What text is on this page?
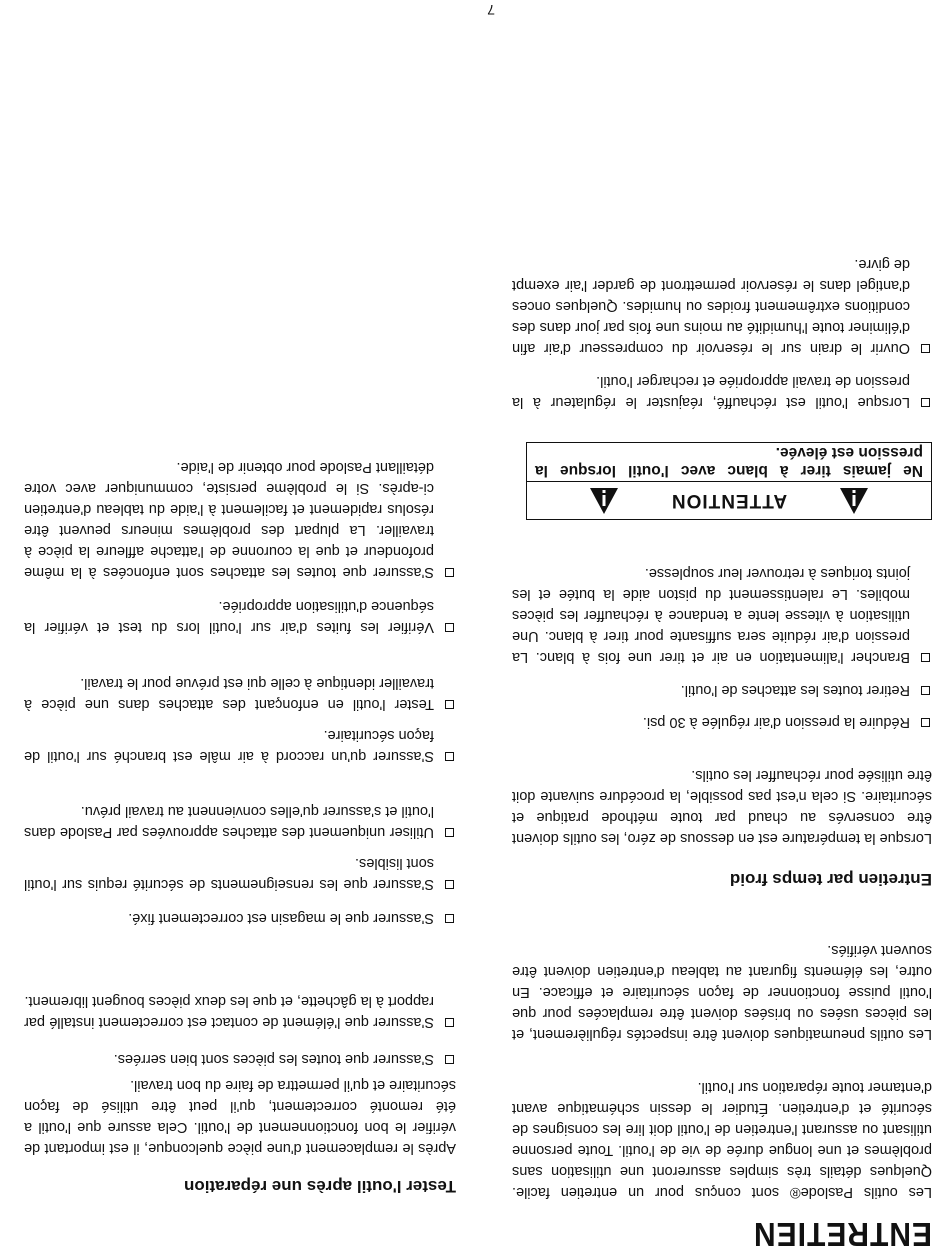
ENTRETIEN

Les outils Paslode® sont conçus pour un entretien facile. Quelques détails très simples assureront une utilisation sans problèmes et une longue durée de vie de l'outil. Toute personne utilisant ou assurant l'entretien de l'outil doit lire les consignes de sécurité et d'entretien. Étudier le dessin schématique avant d'entamer toute réparation sur l'outil.

Les outils pneumatiques doivent être inspectés régulièrement, et les pièces usées ou brisées doivent être remplacées pour que l'outil puisse fonctionner de façon sécuritaire et efficace. En outre, les éléments figurant au tableau d'entretien doivent être souvent vérifiés.

Entretien par temps froid

Lorsque la température est en dessous de zéro, les outils doivent être conservés au chaud par toute méthode pratique et sécuritaire. Si cela n'est pas possible, la procédure suivante doit être utilisée pour réchauffer les outils.

Réduire la pression d'air régulée à 30 psi.
Retirer toutes les attaches de l'outil.
Brancher l'alimentation en air et tirer une fois à blanc. La pression d'air réduite sera suffisante pour tirer à blanc. Une utilisation à vitesse lente a tendance à réchauffer les pièces mobiles. Le ralentissement du piston aide la butée et les joints toriques à retrouver leur souplesse.
ATTENTION
Ne jamais tirer à blanc avec l'outil lorsque la pression est élevée.
Lorsque l'outil est réchauffé, réajuster le régulateur à la pression de travail appropriée et recharger l'outil.
Ouvrir le drain sur le réservoir du compresseur d'air afin d'éliminer toute l'humidité au moins une fois par jour dans des conditions extrêmement froides ou humides. Quelques onces d'antigel dans le réservoir permettront de garder l'air exempt de givre.
Tester l'outil après une réparation

Après le remplacement d'une pièce quelconque, il est important de vérifier le bon fonctionnement de l'outil. Cela assure que l'outil a été remonté correctement, qu'il peut être utilisé de façon sécuritaire et qu'il permettra de faire du bon travail.

S'assurer que toutes les pièces sont bien serrées.
S'assurer que l'élément de contact est correctement installé par rapport à la gâchette, et que les deux pièces bougent librement.
S'assurer que le magasin est correctement fixé.
S'assurer que les renseignements de sécurité requis sur l'outil sont lisibles.
Utiliser uniquement des attaches approuvées par Paslode dans l'outil et s'assurer qu'elles conviennent au travail prévu.
S'assurer qu'un raccord à air mâle est branché sur l'outil de façon sécuritaire.
Tester l'outil en enfonçant des attaches dans une pièce à travailler identique à celle qui est prévue pour le travail.
Vérifier les fuites d'air sur l'outil lors du test et vérifier la séquence d'utilisation appropriée.
S'assurer que toutes les attaches sont enfoncées à la même profondeur et que la couronne de l'attache affleure la pièce à travailler. La plupart des problèmes mineurs peuvent être résolus rapidement et facilement à l'aide du tableau d'entretien ci-après. Si le problème persiste, communiquer avec votre détaillant Paslode pour obtenir de l'aide.
7
